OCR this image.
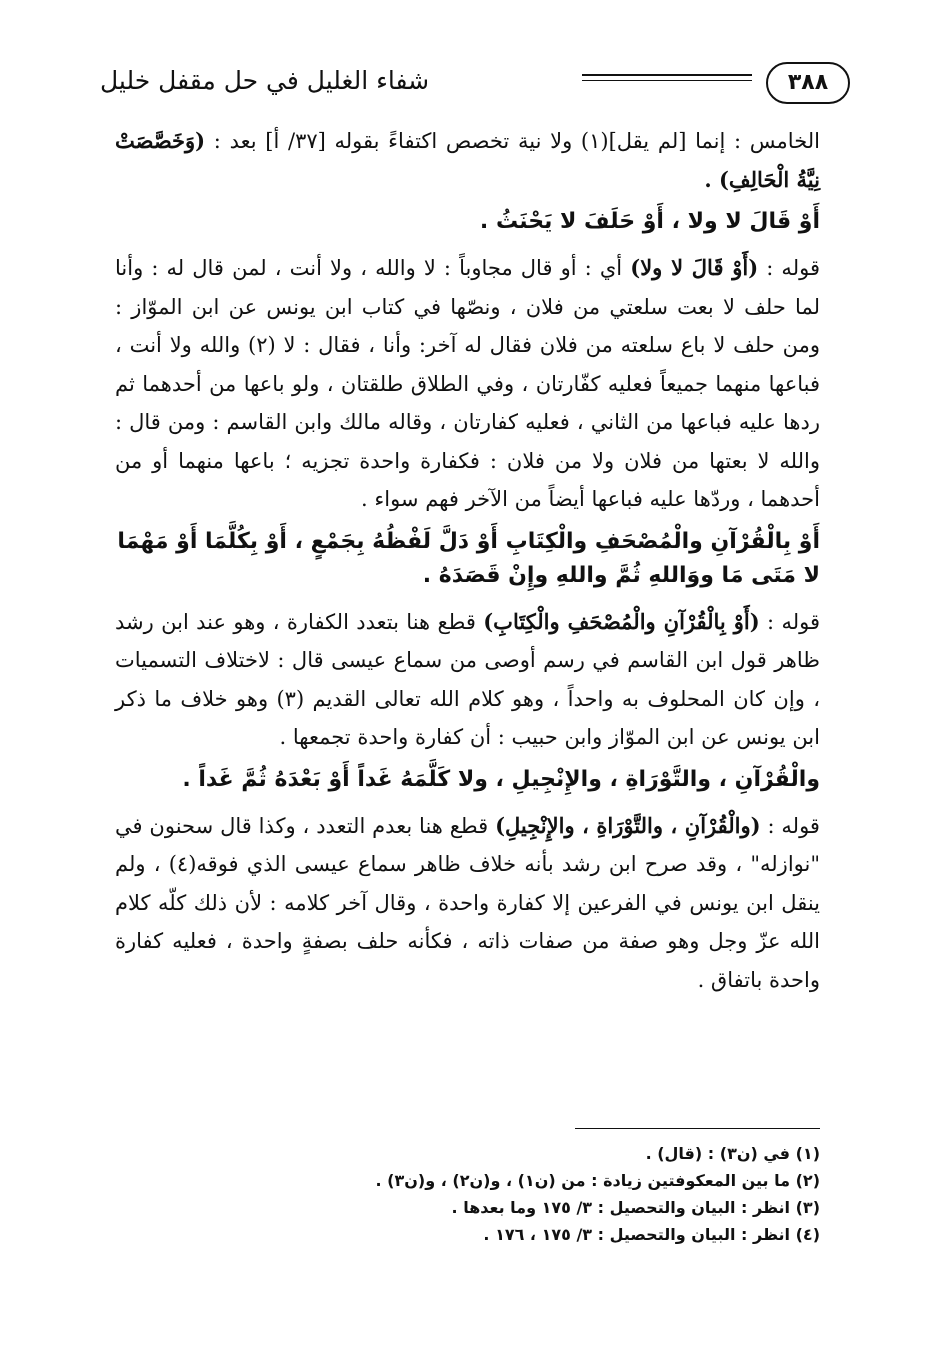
٣٨٨
شفاء الغليل في حل مقفل خليل

الخامس : إنما [لم يقل](١) ولا نية تخصص اكتفاءً بقوله [٣٧/ أ] بعد : (وَخَصَّصَتْ نِيَّةُ الْحَالِفِ) .

أَوْ قَالَ لا ولا ، أَوْ حَلَفَ لا يَحْنَثُ .

قوله : (أَوْ قَالَ لا ولا) أي : أو قال مجاوباً : لا والله ، ولا أنت ، لمن قال له : وأنا لما حلف لا بعت سلعتي من فلان ، ونصّها في كتاب ابن يونس عن ابن الموّاز : ومن حلف لا باع سلعته من فلان فقال له آخر: وأنا ، فقال : لا (٢) والله ولا أنت ، فباعها منهما جميعاً فعليه كفّارتان ، وفي الطلاق طلقتان ، ولو باعها من أحدهما ثم ردها عليه فباعها من الثاني ، فعليه كفارتان ، وقاله مالك وابن القاسم : ومن قال : والله لا بعتها من فلان ولا من فلان : فكفارة واحدة تجزيه ؛ باعها منهما أو من أحدهما ، وردّها عليه فباعها أيضاً من الآخر فهم سواء .

أَوْ بِالْقُرْآنِ والْمُصْحَفِ والْكِتَابِ أَوْ دَلَّ لَفْظُهُ بِجَمْعٍ ، أَوْ بِكُلَّمَا أَوْ مَهْمَا لا مَتَى مَا ووَاللهِ ثُمَّ واللهِ وإِنْ قَصَدَهُ .

قوله : (أَوْ بِالْقُرْآنِ والْمُصْحَفِ والْكِتَابِ) قطع هنا بتعدد الكفارة ، وهو عند ابن رشد ظاهر قول ابن القاسم في رسم أوصى من سماع عيسى قال : لاختلاف التسميات ، وإن كان المحلوف به واحداً ، وهو كلام الله تعالى القديم (٣) وهو خلاف ما ذكر ابن يونس عن ابن الموّاز وابن حبيب : أن كفارة واحدة تجمعها .

والْقُرْآنِ ، والتَّوْرَاةِ ، والإِنْجِيلِ ، ولا كَلَّمَهُ غَداً أَوْ بَعْدَهُ ثُمَّ غَداً .

قوله : (والْقُرْآنِ ، والتَّوْرَاةِ ، والإِنْجِيلِ) قطع هنا بعدم التعدد ، وكذا قال سحنون في "نوازله" ، وقد صرح ابن رشد بأنه خلاف ظاهر سماع عيسى الذي فوقه(٤) ، ولم ينقل ابن يونس في الفرعين إلا كفارة واحدة ، وقال آخر كلامه : لأن ذلك كلّه كلام الله عزّ وجل وهو صفة من صفات ذاته ، فكأنه حلف بصفةٍ واحدة ، فعليه كفارة واحدة باتفاق .

(١) في (ن٣) : (قال) .
(٢) ما بين المعكوفتين زيادة : من (ن١) ، و(ن٢) ، و(ن٣) .
(٣) انظر : البيان والتحصيل : ٣/ ١٧٥ وما بعدها .
(٤) انظر : البيان والتحصيل : ٣/ ١٧٥ ، ١٧٦ .
